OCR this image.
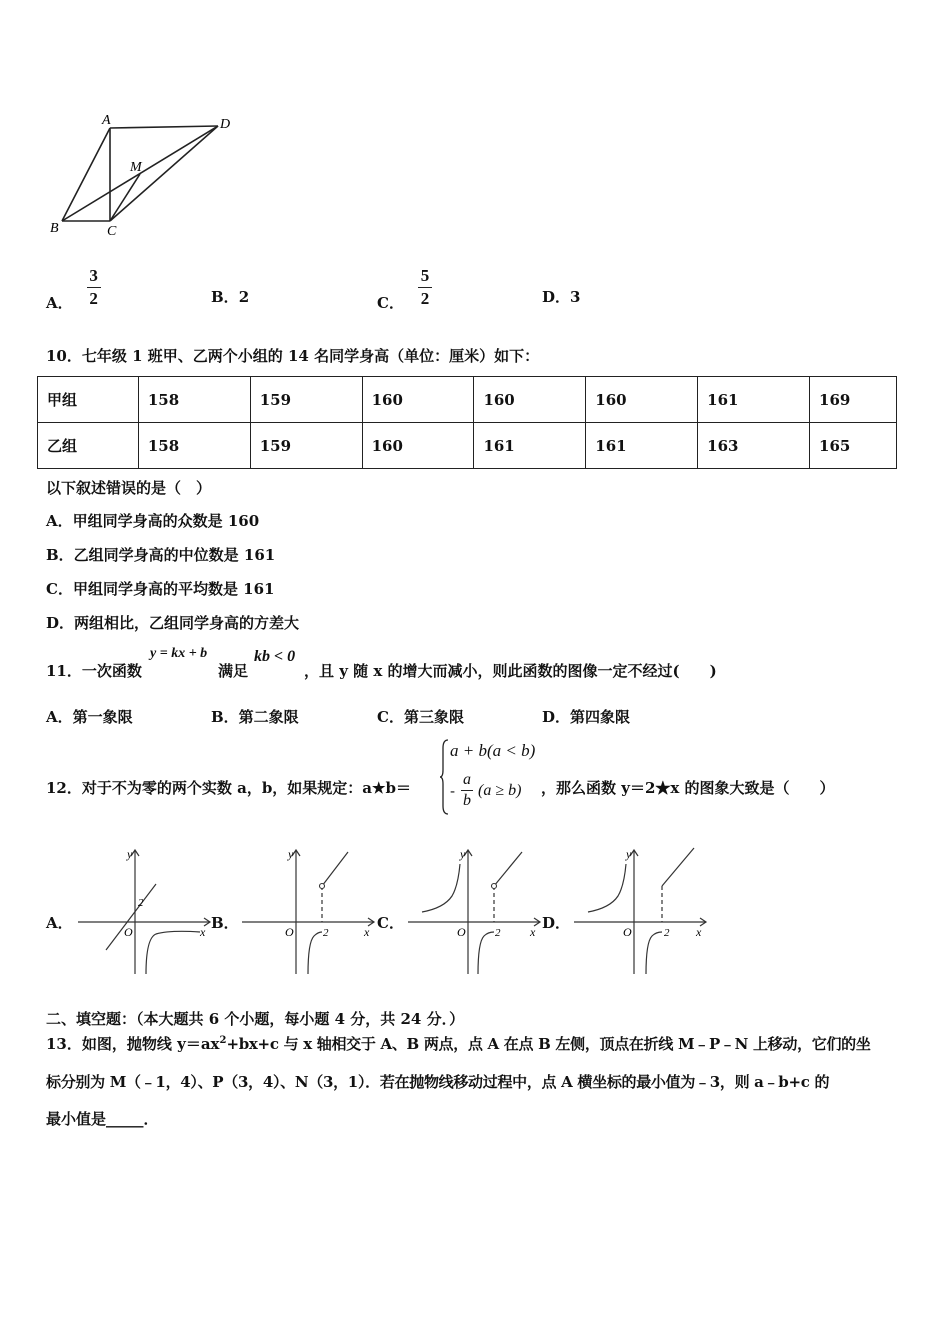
A	D
M
B	C
A． $\frac{3}{2}$	B．2	C． $\frac{5}{2}$	D．3
10．七年级 1 班甲、乙两个小组的 14 名同学身高（单位：厘米）如下：
甲组	158	159	160	160	160	161	169
乙组	158	159	160	161	161	163	165
以下叙述错误的是（　）
A．甲组同学身高的众数是 160
B．乙组同学身高的中位数是 161
C．甲组同学身高的平均数是 161
D．两组相比，乙组同学身高的方差大
11．一次函数
y = kx + b
满足
kb < 0
，且 y 随 x 的增大而减小，则此函数的图像一定不经过(　　)
A．第一象限	B．第二象限	C．第三象限	D．第四象限
12．对于不为零的两个实数 a，b，如果规定：a★b＝
a + b(a < b)
-
a
b
(a ≥ b) ，那么函数 y＝2★x 的图象大致是（　　）
A．	B．	C．	D．
y
x
O
2
y
x
O	2
y
x
O	2
y
x
O	2
二、填空题：（本大题共 6 个小题，每小题 4 分，共 24 分．）
13．如图，抛物线 $y=ax^2+bx+c$ 与 x 轴相交于 A、B 两点，点 A 在点 B 左侧，顶点在折线 M﹣P﹣N 上移动，它们的坐
标分别为 M（﹣1，4）、P（3，4）、N（3，1）．若在抛物线移动过程中，点 A 横坐标的最小值为﹣3，则 a﹣b+c 的
最小值是_____．
